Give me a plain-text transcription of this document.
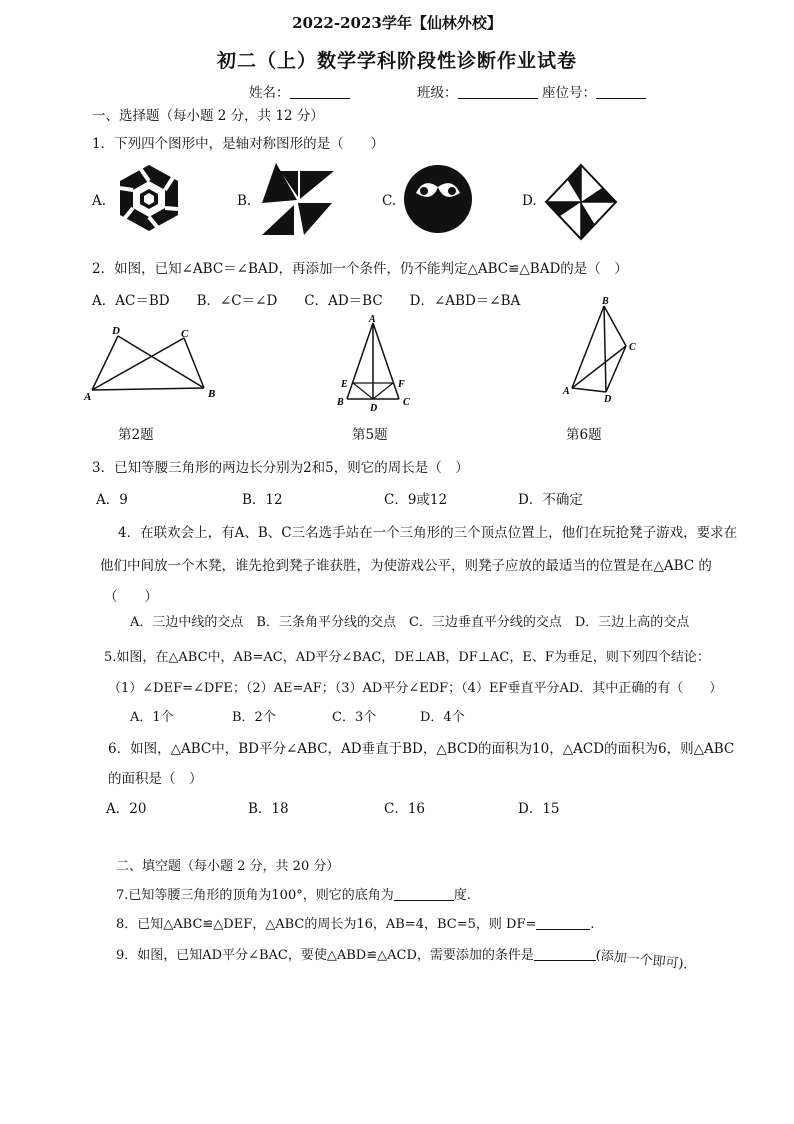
2022-2023学年【仙林外校】
初二（上）数学学科阶段性诊断作业试卷
姓名：	班级：	座位号：
一、选择题（每小题 2 分，共 12 分）
1．下列四个图形中，是轴对称图形的是（　　）
A.	B.	C.	D.
2．如图，已知∠ABC＝∠BAD，再添加一个条件，仍不能判定△ABC≌△BAD的是（　）
A．AC＝BD　　B．∠C＝∠D　　C．AD＝BC　　D．∠ABD＝∠BA
D	C
A	B
第2题
A
E	F
B
D
C
第5题
B
C
A
D
第6题
3．已知等腰三角形的两边长分别为2和5，则它的周长是（　）
A．9	B．12	C．9或12	D．不确定
4．在联欢会上，有A、B、C三名选手站在一个三角形的三个顶点位置上，他们在玩抢凳子游戏，要求在
他们中间放一个木凳，谁先抢到凳子谁获胜，为使游戏公平，则凳子应放的最适当的位置是在△ABC 的
（　　）
A．三边中线的交点　B．三条角平分线的交点　C．三边垂直平分线的交点　D．三边上高的交点
5.如图，在△ABC中，AB=AC，AD平分∠BAC，DE⊥AB，DF⊥AC，E、F为垂足，则下列四个结论：
（1）∠DEF=∠DFE；（2）AE=AF；（3）AD平分∠EDF；（4）EF垂直平分AD．其中正确的有（　　）
A．1个	B．2个	C．3个	D．4个
6．如图，△ABC中，BD平分∠ABC，AD垂直于BD，△BCD的面积为10，△ACD的面积为6，则△ABC
的面积是（　）
A．20	B．18	C．16	D．15
二、填空题（每小题 2 分，共 20 分）
7.已知等腰三角形的顶角为100°，则它的底角为	度.
8．已知△ABC≌△DEF，△ABC的周长为16，AB=4，BC=5，则 DF=	.
9．如图，已知AD平分∠BAC，要使△ABD≌△ACD，需要添加的条件是	(添加一个即可).
